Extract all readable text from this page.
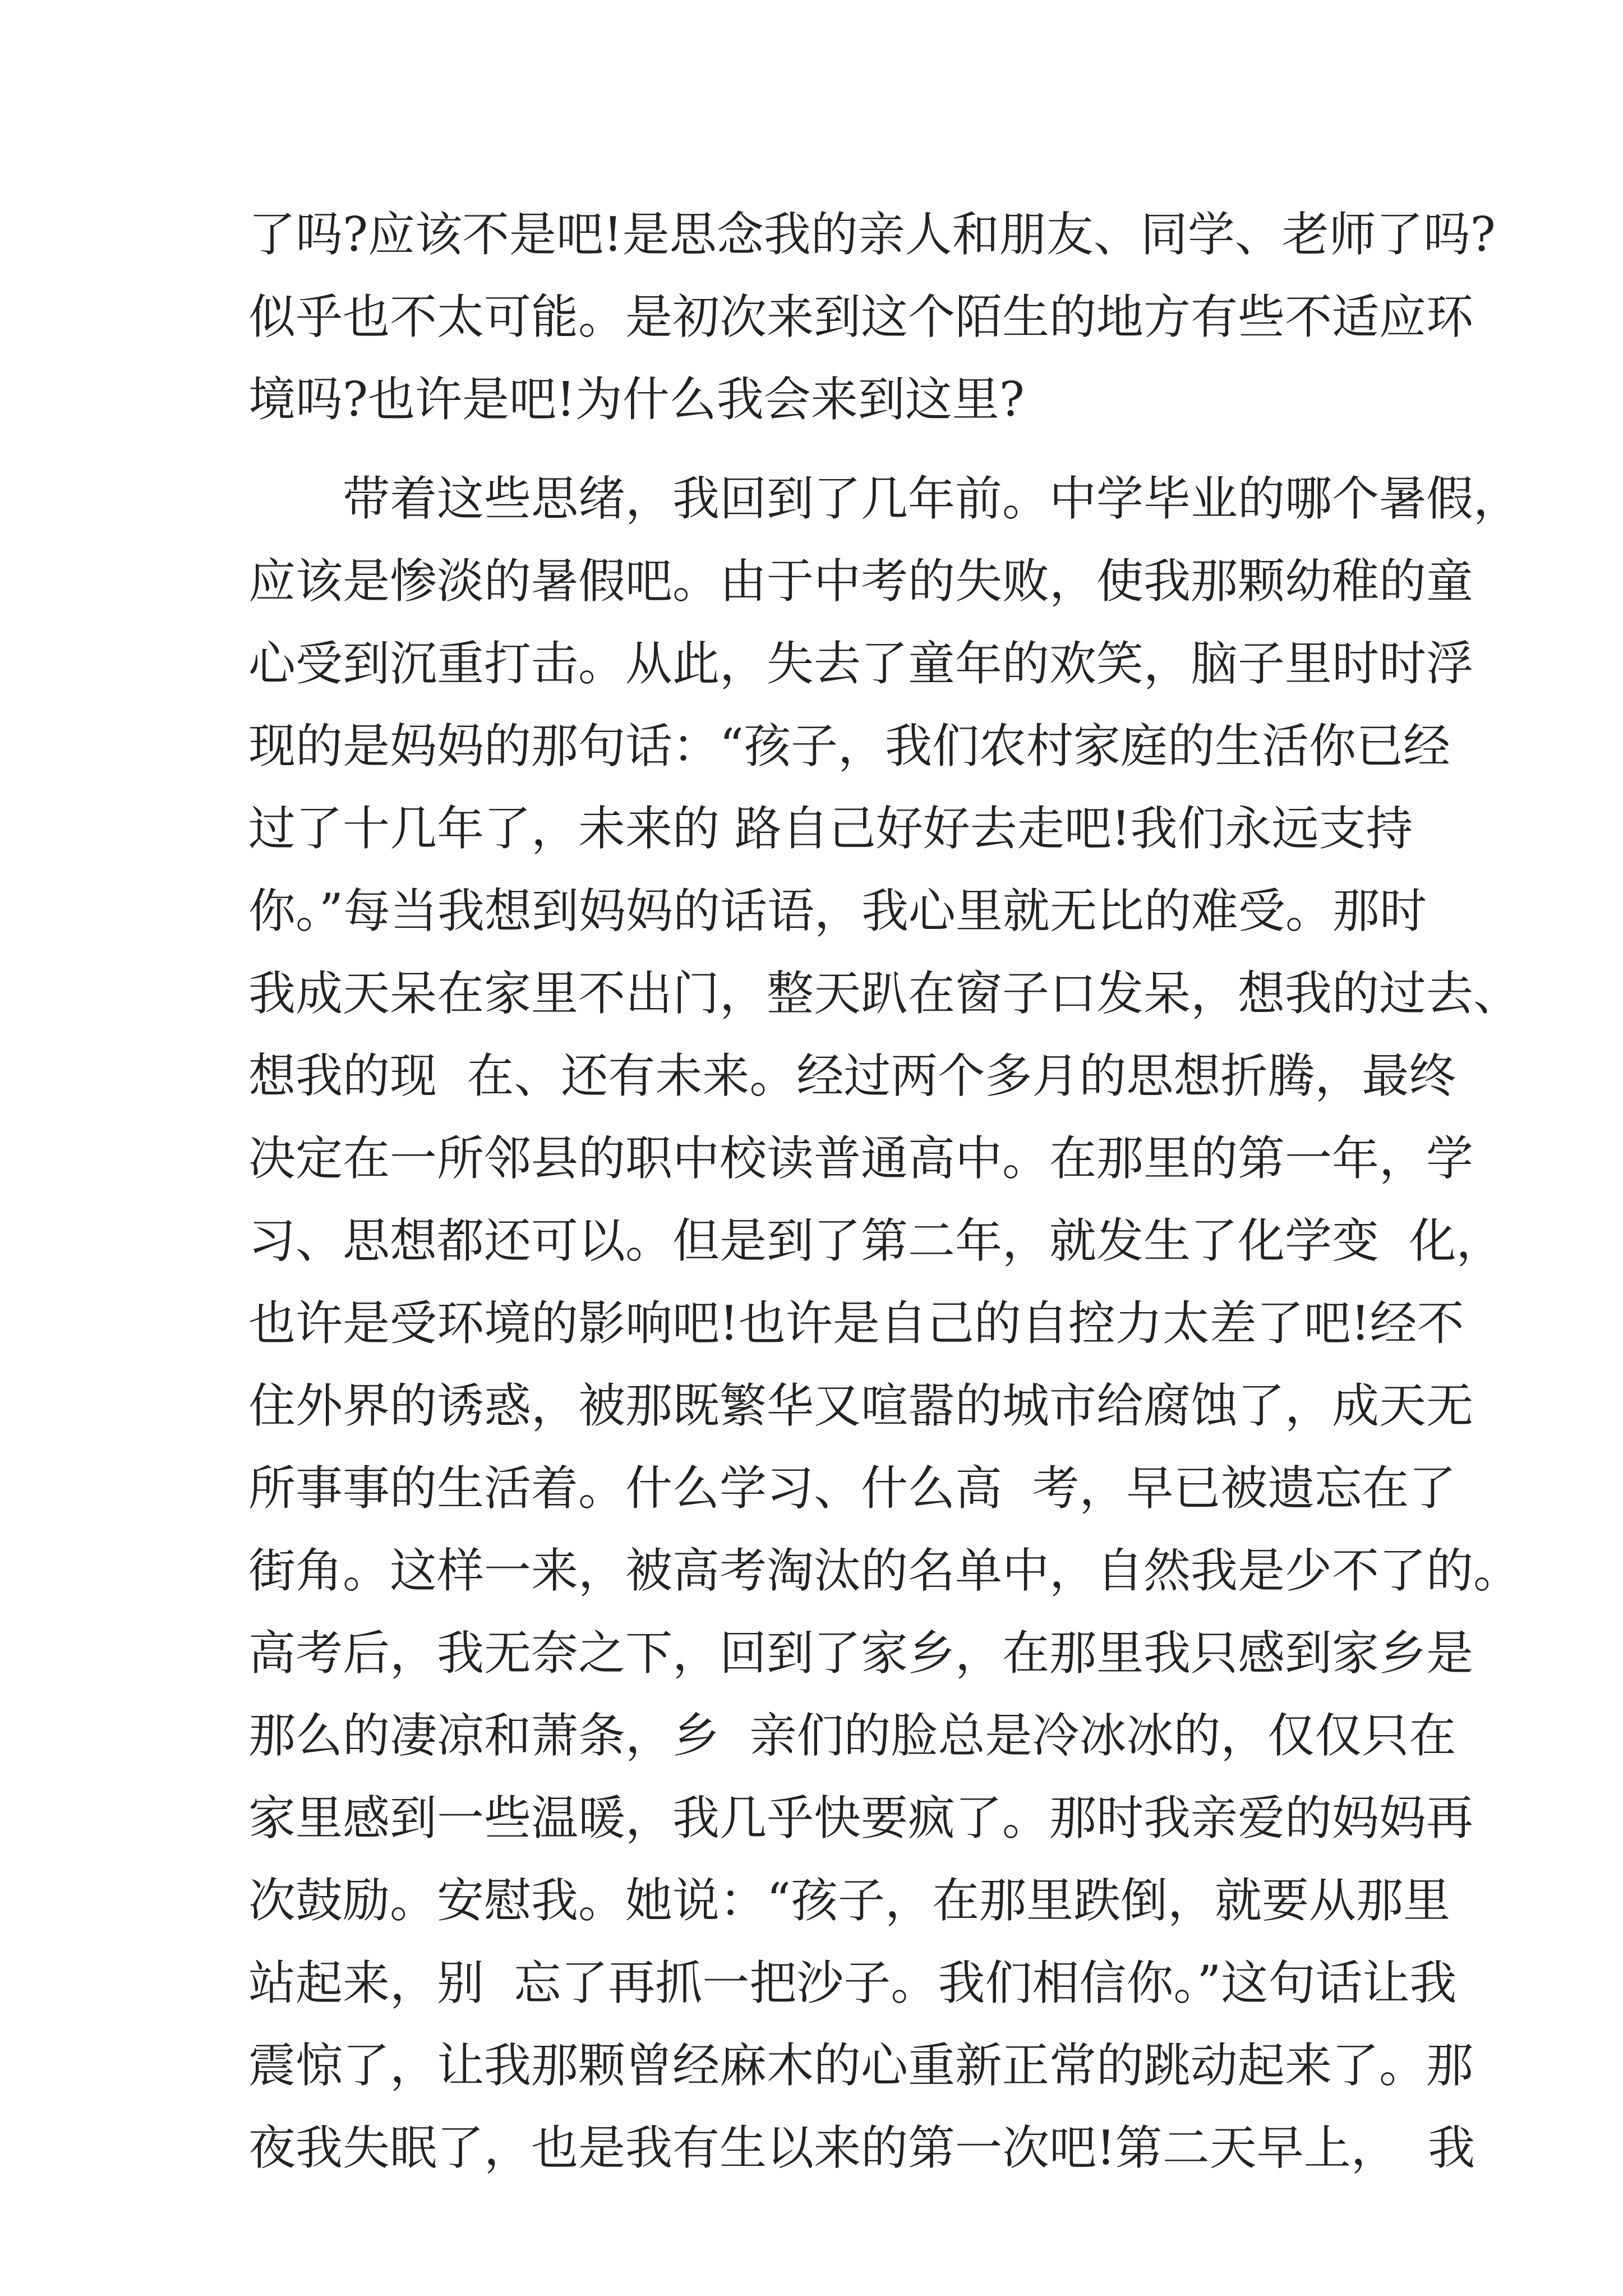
了吗?应该不是吧!是思念我的亲人和朋友、同学、老师了吗?
似乎也不太可能。是初次来到这个陌生的地方有些不适应环
境吗?也许是吧!为什么我会来到这里?
　　带着这些思绪，我回到了几年前。中学毕业的哪个暑假，
应该是惨淡的暑假吧。由于中考的失败，使我那颗幼稚的童
心受到沉重打击。从此，失去了童年的欢笑，脑子里时时浮
现的是妈妈的那句话：“孩子，我们农村家庭的生活你已经
过了十几年了，未来的 路自己好好去走吧!我们永远支持
你。”每当我想到妈妈的话语，我心里就无比的难受。那时
我成天呆在家里不出门，整天趴在窗子口发呆，想我的过去、
想我的现  在、还有未来。经过两个多月的思想折腾，最终
决定在一所邻县的职中校读普通高中。在那里的第一年，学
习、思想都还可以。但是到了第二年，就发生了化学变  化，
也许是受环境的影响吧!也许是自己的自控力太差了吧!经不
住外界的诱惑，被那既繁华又喧嚣的城市给腐蚀了，成天无
所事事的生活着。什么学习、什么高  考，早已被遗忘在了
街角。这样一来，被高考淘汰的名单中，自然我是少不了的。
高考后，我无奈之下，回到了家乡，在那里我只感到家乡是
那么的凄凉和萧条，乡  亲们的脸总是冷冰冰的，仅仅只在
家里感到一些温暖，我几乎快要疯了。那时我亲爱的妈妈再
次鼓励。安慰我。她说：“孩子，在那里跌倒，就要从那里
站起来，别  忘了再抓一把沙子。我们相信你。”这句话让我
震惊了，让我那颗曾经麻木的心重新正常的跳动起来了。那
夜我失眠了，也是我有生以来的第一次吧!第二天早上，  我
